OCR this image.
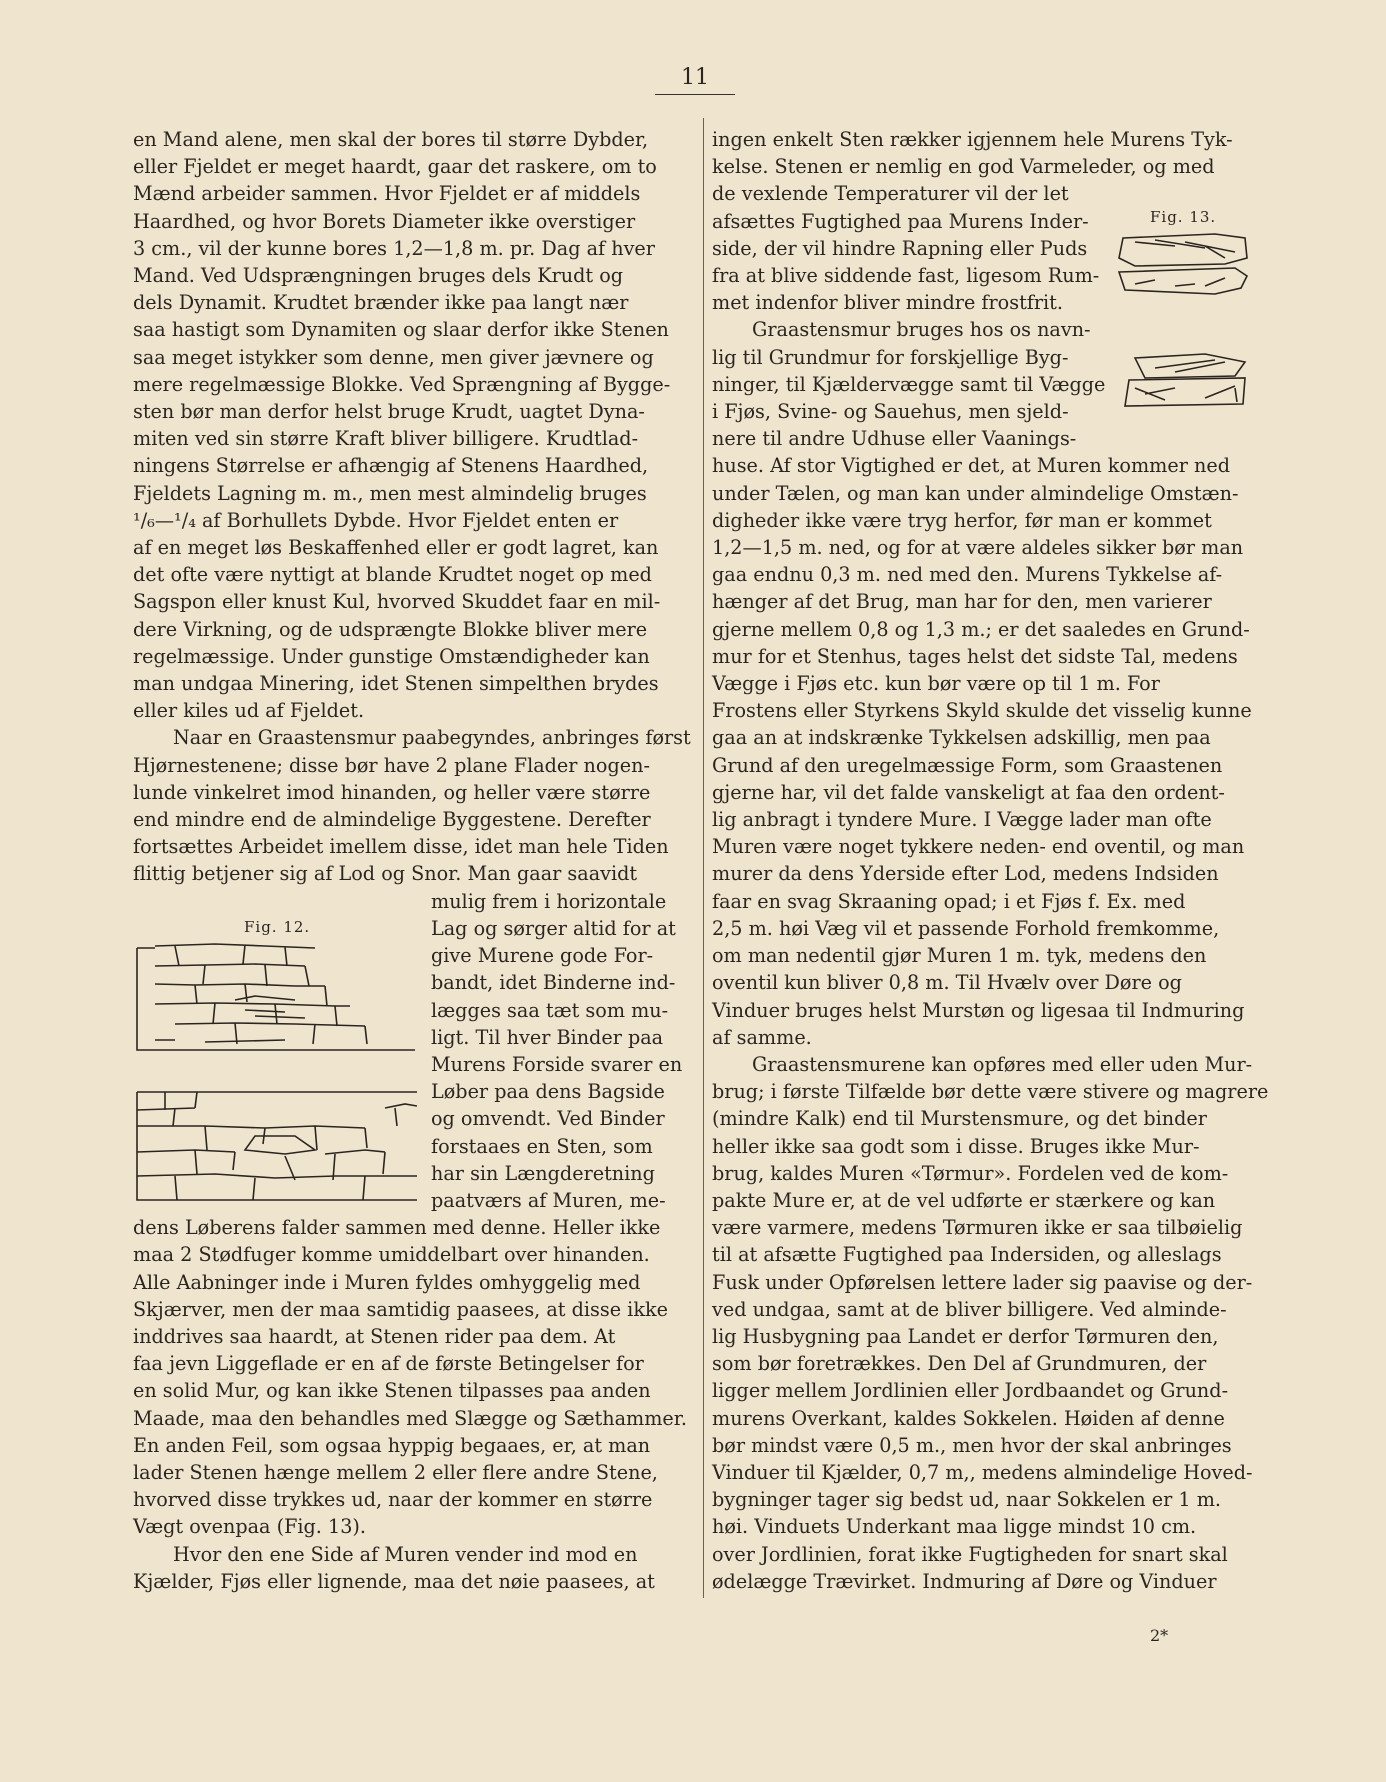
11

en Mand alene, men skal der bores til større Dybder,

eller Fjeldet er meget haardt, gaar det raskere, om to

Mænd arbeider sammen. Hvor Fjeldet er af middels

Haardhed, og hvor Borets Diameter ikke overstiger

3 cm., vil der kunne bores 1,2—1,8 m. pr. Dag af hver

Mand. Ved Udsprængningen bruges dels Krudt og

dels Dynamit. Krudtet brænder ikke paa langt nær

saa hastigt som Dynamiten og slaar derfor ikke Stenen

saa meget istykker som denne, men giver jævnere og

mere regelmæssige Blokke. Ved Sprængning af Bygge-

sten bør man derfor helst bruge Krudt, uagtet Dyna-

miten ved sin større Kraft bliver billigere. Krudtlad-

ningens Størrelse er afhængig af Stenens Haardhed,

Fjeldets Lagning m. m., men mest almindelig bruges

¹/₆—¹/₄ af Borhullets Dybde. Hvor Fjeldet enten er

af en meget løs Beskaffenhed eller er godt lagret, kan

det ofte være nyttigt at blande Krudtet noget op med

Sagspon eller knust Kul, hvorved Skuddet faar en mil-

dere Virkning, og de udsprængte Blokke bliver mere

regelmæssige. Under gunstige Omstændigheder kan

man undgaa Minering, idet Stenen simpelthen brydes

eller kiles ud af Fjeldet.

Naar en Graastensmur paabegyndes, anbringes først

Hjørnestenene; disse bør have 2 plane Flader nogen-

lunde vinkelret imod hinanden, og heller være større

end mindre end de almindelige Byggestene. Derefter

fortsættes Arbeidet imellem disse, idet man hele Tiden

flittig betjener sig af Lod og Snor. Man gaar saavidt

mulig frem i horizontale

Lag og sørger altid for at

give Murene gode For-

bandt, idet Binderne ind-

lægges saa tæt som mu-

ligt. Til hver Binder paa

Murens Forside svarer en

Løber paa dens Bagside

og omvendt. Ved Binder

forstaaes en Sten, som

har sin Længderetning

paatværs af Muren, me-

dens Løberens falder sammen med denne. Heller ikke

maa 2 Stødfuger komme umiddelbart over hinanden.

Alle Aabninger inde i Muren fyldes omhyggelig med

Skjærver, men der maa samtidig paasees, at disse ikke

inddrives saa haardt, at Stenen rider paa dem. At

faa jevn Liggeflade er en af de første Betingelser for

en solid Mur, og kan ikke Stenen tilpasses paa anden

Maade, maa den behandles med Slægge og Sæthammer.

En anden Feil, som ogsaa hyppig begaaes, er, at man

lader Stenen hænge mellem 2 eller flere andre Stene,

hvorved disse trykkes ud, naar der kommer en større

Vægt ovenpaa (Fig. 13).

Hvor den ene Side af Muren vender ind mod en

Kjælder, Fjøs eller lignende, maa det nøie paasees, at

Fig. 12.

ingen enkelt Sten rækker igjennem hele Murens Tyk-

kelse. Stenen er nemlig en god Varmeleder, og med

de vexlende Temperaturer vil der let

afsættes Fugtighed paa Murens Inder-

side, der vil hindre Rapning eller Puds

fra at blive siddende fast, ligesom Rum-

met indenfor bliver mindre frostfrit.

Graastensmur bruges hos os navn-

lig til Grundmur for forskjellige Byg-

ninger, til Kjældervægge samt til Vægge

i Fjøs, Svine- og Sauehus, men sjeld-

nere til andre Udhuse eller Vaanings-

huse. Af stor Vigtighed er det, at Muren kommer ned

under Tælen, og man kan under almindelige Omstæn-

digheder ikke være tryg herfor, før man er kommet

1,2—1,5 m. ned, og for at være aldeles sikker bør man

gaa endnu 0,3 m. ned med den. Murens Tykkelse af-

hænger af det Brug, man har for den, men varierer

gjerne mellem 0,8 og 1,3 m.; er det saaledes en Grund-

mur for et Stenhus, tages helst det sidste Tal, medens

Vægge i Fjøs etc. kun bør være op til 1 m. For

Frostens eller Styrkens Skyld skulde det visselig kunne

gaa an at indskrænke Tykkelsen adskillig, men paa

Grund af den uregelmæssige Form, som Graastenen

gjerne har, vil det falde vanskeligt at faa den ordent-

lig anbragt i tyndere Mure. I Vægge lader man ofte

Muren være noget tykkere neden- end oventil, og man

murer da dens Yderside efter Lod, medens Indsiden

faar en svag Skraaning opad; i et Fjøs f. Ex. med

2,5 m. høi Væg vil et passende Forhold fremkomme,

om man nedentil gjør Muren 1 m. tyk, medens den

oventil kun bliver 0,8 m. Til Hvælv over Døre og

Vinduer bruges helst Murstøn og ligesaa til Indmuring

af samme.

Graastensmurene kan opføres med eller uden Mur-

brug; i første Tilfælde bør dette være stivere og magrere

(mindre Kalk) end til Murstensmure, og det binder

heller ikke saa godt som i disse. Bruges ikke Mur-

brug, kaldes Muren «Tørmur». Fordelen ved de kom-

pakte Mure er, at de vel udførte er stærkere og kan

være varmere, medens Tørmuren ikke er saa tilbøielig

til at afsætte Fugtighed paa Indersiden, og alleslags

Fusk under Opførelsen lettere lader sig paavise og der-

ved undgaa, samt at de bliver billigere. Ved alminde-

lig Husbygning paa Landet er derfor Tørmuren den,

som bør foretrækkes. Den Del af Grundmuren, der

ligger mellem Jordlinien eller Jordbaandet og Grund-

murens Overkant, kaldes Sokkelen. Høiden af denne

bør mindst være 0,5 m., men hvor der skal anbringes

Vinduer til Kjælder, 0,7 m,, medens almindelige Hoved-

bygninger tager sig bedst ud, naar Sokkelen er 1 m.

høi. Vinduets Underkant maa ligge mindst 10 cm.

over Jordlinien, forat ikke Fugtigheden for snart skal

ødelægge Trævirket. Indmuring af Døre og Vinduer

Fig. 13.
2*
